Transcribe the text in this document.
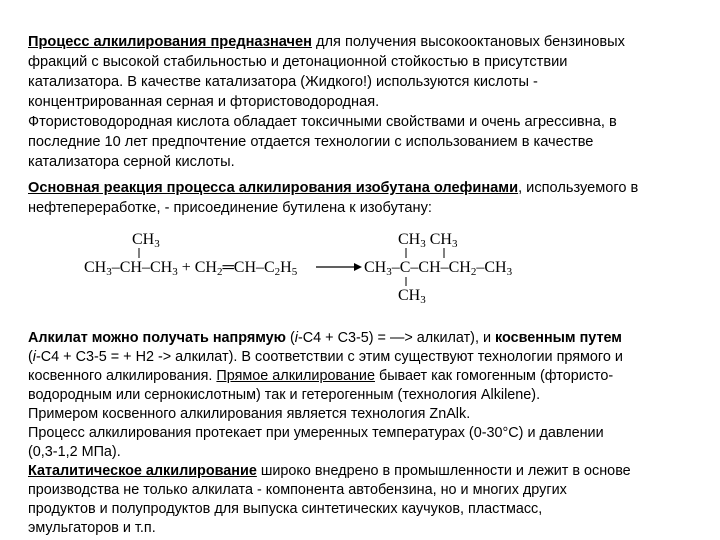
Процесс алкилирования предназначен для получения высокооктановых бензиновых
фракций с высокой стабильностью и детонационной стойкостью в присутствии
катализатора. В качестве катализатора (Жидкого!) используются кислоты -
концентрированная серная и фтористоводородная.
Фтористоводородная кислота обладает токсичными свойствами и очень агрессивна, в
последние 10 лет предпочтение отдается технологии с использованием в качестве
катализатора серной кислоты.
Основная реакция процесса алкилирования изобутана олефинами, используемого в
нефтепереработке, - присоединение бутилена к изобутану:
CH3
CH3–CH–CH3 + CH2═CH–C2H5
CH3 CH3
CH3–C–CH–CH2–CH3
CH3
Алкилат можно получать напрямую (i-С4 + С3-5) = —> алкилат), и косвенным путем
(i-С4 + С3-5 = + Н2 -> алкилат). В соответствии с этим существуют технологии прямого и
косвенного алкилирования. Прямое алкилирование бывает как гомогенным (фтористо-
водородным или сернокислотным) так и гетерогенным (технология Alkilene).
Примером косвенного алкилирования является технология ZnAlk.
Процесс алкилирования протекает при умеренных температурах (0-30°С) и давлении
(0,3-1,2 МПа).
Каталитическое алкилирование широко внедрено в промышленности и лежит в основе
производства не только алкилата - компонента автобензина, но и многих других
продуктов и полупродуктов для выпуска синтетических каучуков, пластмасс,
эмульгаторов и т.п.
